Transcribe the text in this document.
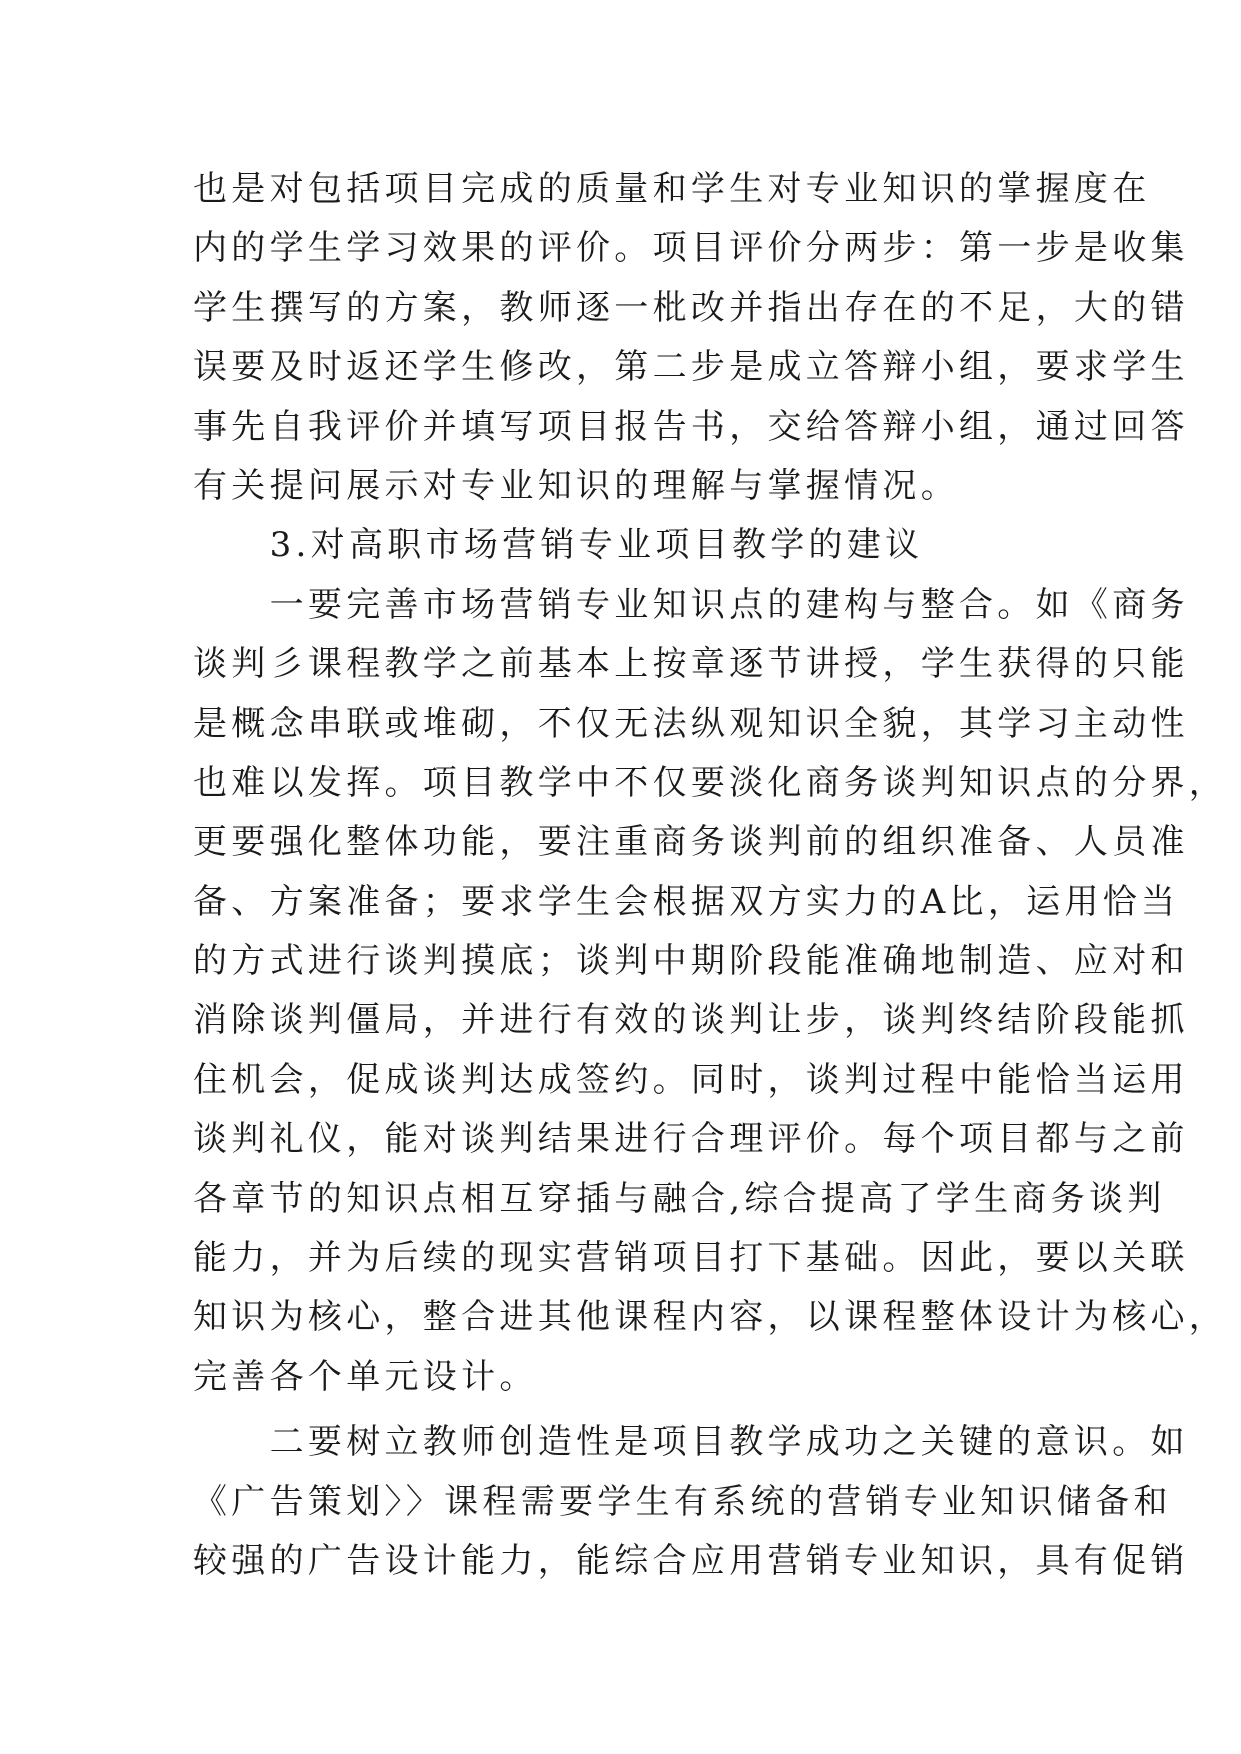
也是对包括项目完成的质量和学生对专业知识的掌握度在
内的学生学习效果的评价。项目评价分两步：第一步是收集
学生撰写的方案，教师逐一枇改并指出存在的不足，大的错
误要及时返还学生修改，第二步是成立答辩小组，要求学生
事先自我评价并填写项目报告书，交给答辩小组，通过回答
有关提问展示对专业知识的理解与掌握情况。
　　3.对高职市场营销专业项目教学的建议
　　一要完善市场营销专业知识点的建构与整合。如《商务
谈判彡课程教学之前基本上按章逐节讲授，学生获得的只能
是概念串联或堆砌，不仅无法纵观知识全貌，其学习主动性
也难以发挥。项目教学中不仅要淡化商务谈判知识点的分界，
更要强化整体功能，要注重商务谈判前的组织准备、人员准
备、方案准备；要求学生会根据双方实力的A比，运用恰当
的方式进行谈判摸底；谈判中期阶段能准确地制造、应对和
消除谈判僵局，并进行有效的谈判让步，谈判终结阶段能抓
住机会，促成谈判达成签约。同时，谈判过程中能恰当运用
谈判礼仪，能对谈判结果进行合理评价。每个项目都与之前
各章节的知识点相互穿插与融合,综合提高了学生商务谈判
能力，并为后续的现实营销项目打下基础。因此，要以关联
知识为核心，整合进其他课程内容，以课程整体设计为核心，
完善各个单元设计。
　　二要树立教师创造性是项目教学成功之关键的意识。如
《广告策划〉〉课程需要学生有系统的营销专业知识储备和
较强的广告设计能力，能综合应用营销专业知识，具有促销
